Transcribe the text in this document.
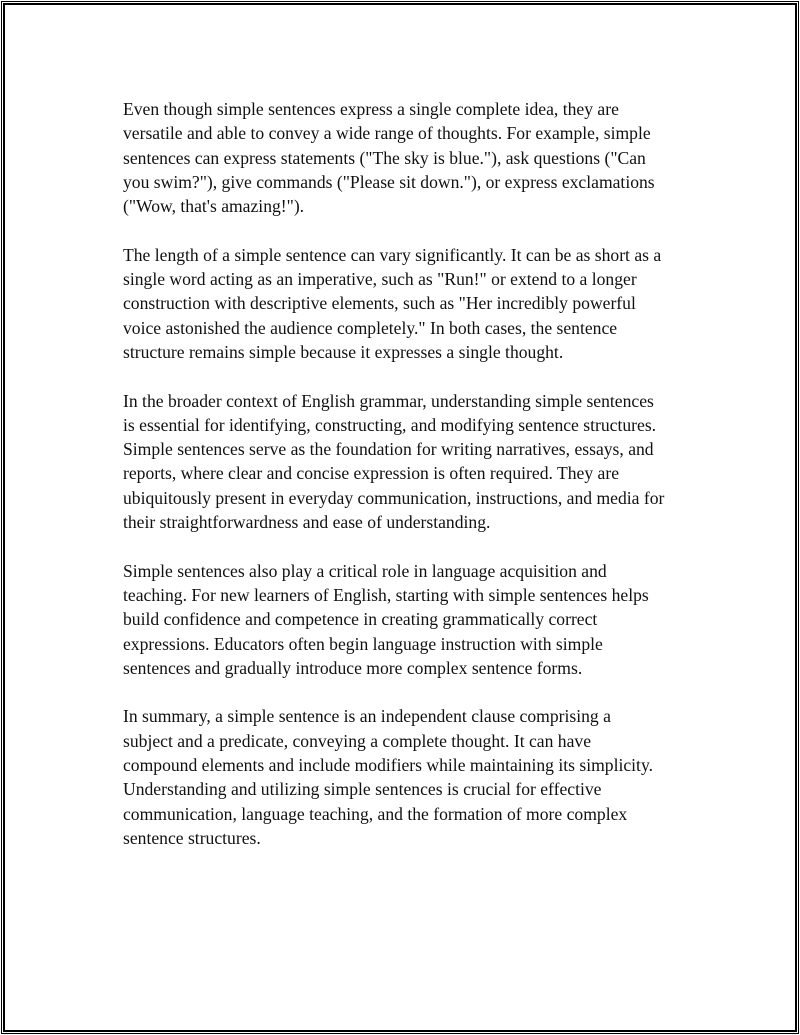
Even though simple sentences express a single complete idea, they are
versatile and able to convey a wide range of thoughts. For example, simple
sentences can express statements ("The sky is blue."), ask questions ("Can
you swim?"), give commands ("Please sit down."), or express exclamations
("Wow, that's amazing!").

The length of a simple sentence can vary significantly. It can be as short as a
single word acting as an imperative, such as "Run!" or extend to a longer
construction with descriptive elements, such as "Her incredibly powerful
voice astonished the audience completely." In both cases, the sentence
structure remains simple because it expresses a single thought.

In the broader context of English grammar, understanding simple sentences
is essential for identifying, constructing, and modifying sentence structures.
Simple sentences serve as the foundation for writing narratives, essays, and
reports, where clear and concise expression is often required. They are
ubiquitously present in everyday communication, instructions, and media for
their straightforwardness and ease of understanding.

Simple sentences also play a critical role in language acquisition and
teaching. For new learners of English, starting with simple sentences helps
build confidence and competence in creating grammatically correct
expressions. Educators often begin language instruction with simple
sentences and gradually introduce more complex sentence forms.

In summary, a simple sentence is an independent clause comprising a
subject and a predicate, conveying a complete thought. It can have
compound elements and include modifiers while maintaining its simplicity.
Understanding and utilizing simple sentences is crucial for effective
communication, language teaching, and the formation of more complex
sentence structures.
